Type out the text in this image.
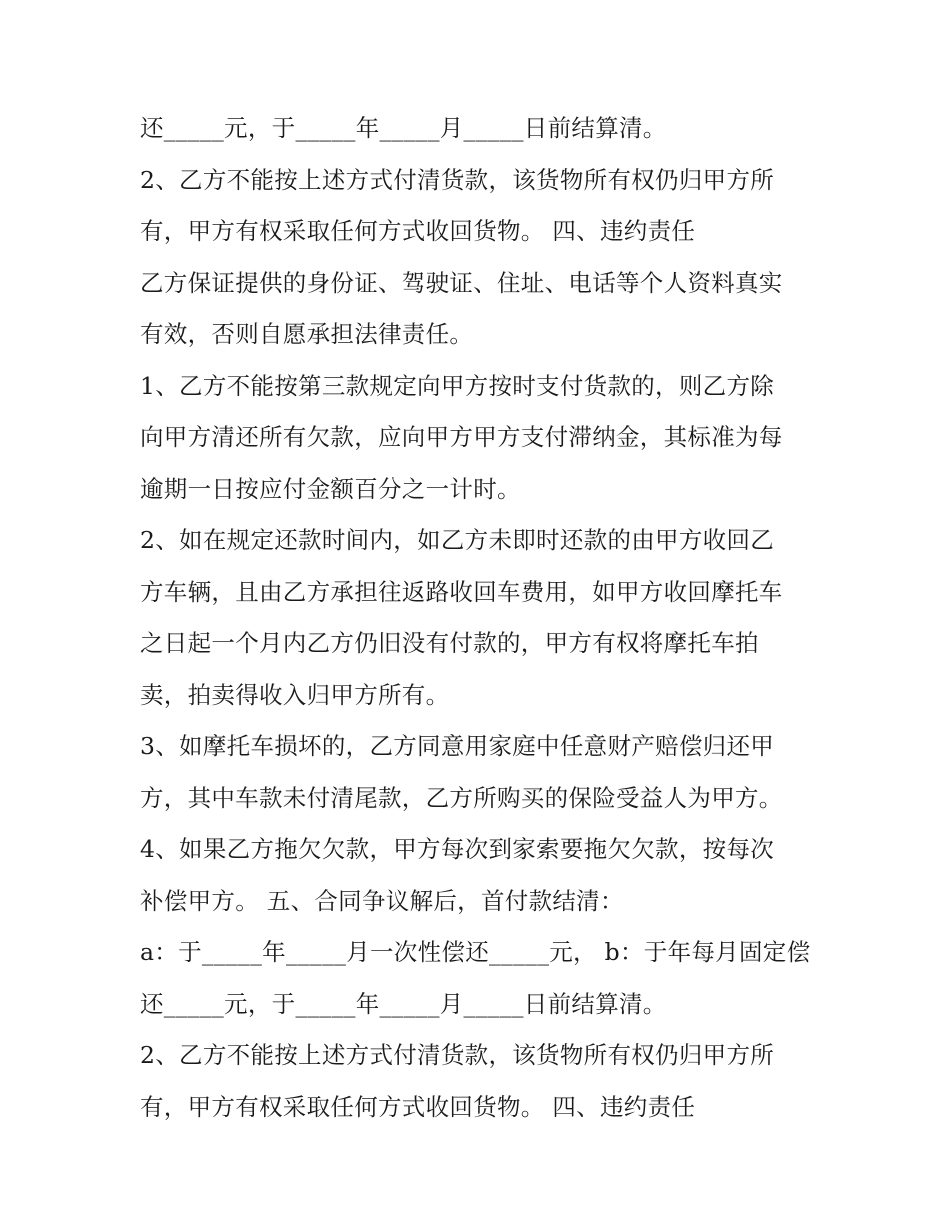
还_____元，于_____年_____月_____日前结算清。
2、乙方不能按上述方式付清货款，该货物所有权仍归甲方所
有，甲方有权采取任何方式收回货物。 四、违约责任
乙方保证提供的身份证、驾驶证、住址、电话等个人资料真实
有效，否则自愿承担法律责任。
1、乙方不能按第三款规定向甲方按时支付货款的，则乙方除
向甲方清还所有欠款，应向甲方甲方支付滞纳金，其标准为每
逾期一日按应付金额百分之一计时。
2、如在规定还款时间内，如乙方未即时还款的由甲方收回乙
方车辆，且由乙方承担往返路收回车费用，如甲方收回摩托车
之日起一个月内乙方仍旧没有付款的，甲方有权将摩托车拍
卖，拍卖得收入归甲方所有。
3、如摩托车损坏的，乙方同意用家庭中任意财产赔偿归还甲
方，其中车款未付清尾款，乙方所购买的保险受益人为甲方。
4、如果乙方拖欠欠款，甲方每次到家索要拖欠欠款，按每次
补偿甲方。 五、合同争议解后，首付款结清：
a：于_____年_____月一次性偿还_____元， b：于年每月固定偿
还_____元，于_____年_____月_____日前结算清。
2、乙方不能按上述方式付清货款，该货物所有权仍归甲方所
有，甲方有权采取任何方式收回货物。 四、违约责任
